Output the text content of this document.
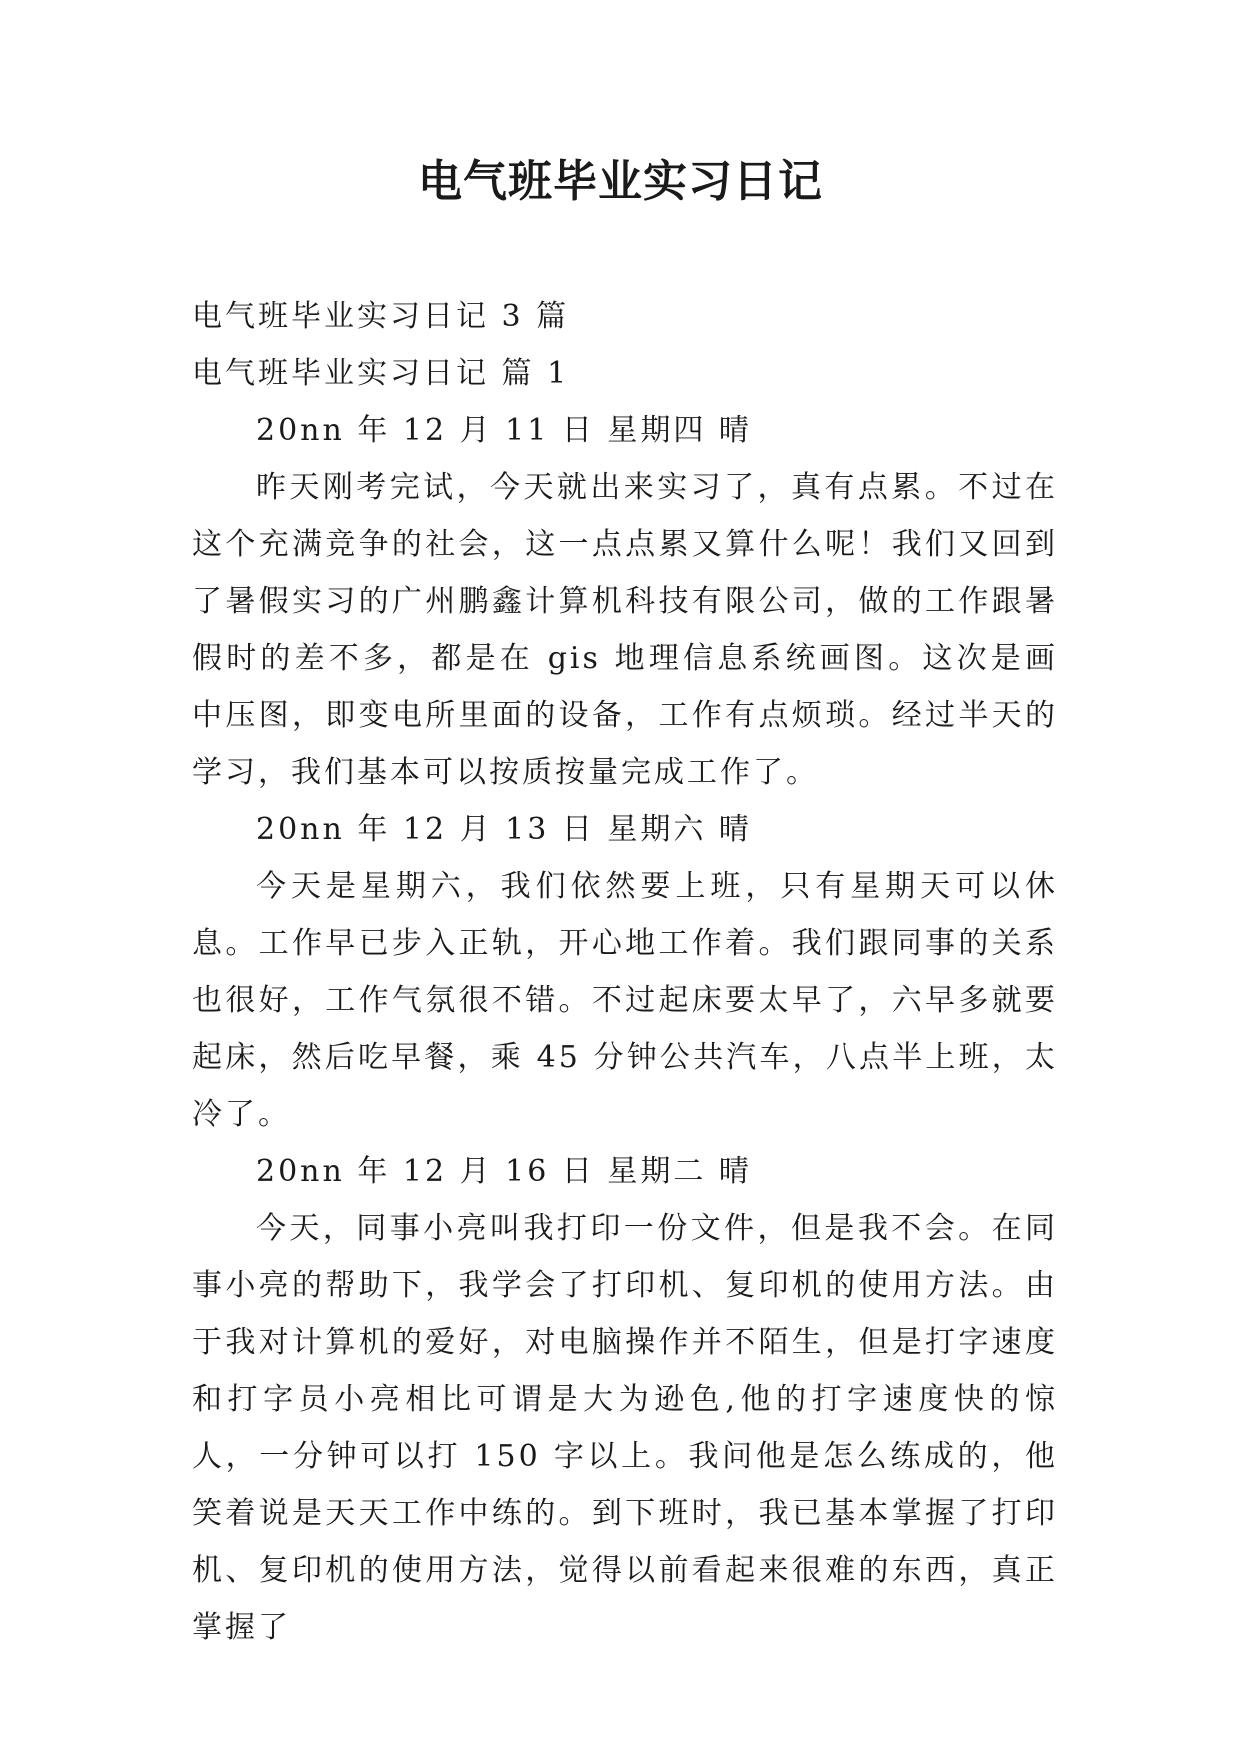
电气班毕业实习日记

电气班毕业实习日记 3 篇

电气班毕业实习日记 篇 1

20nn 年 12 月 11 日 星期四 晴

昨天刚考完试，今天就出来实习了，真有点累。不过在这个充满竞争的社会，这一点点累又算什么呢！我们又回到了暑假实习的广州鹏鑫计算机科技有限公司，做的工作跟暑假时的差不多，都是在 gis 地理信息系统画图。这次是画中压图，即变电所里面的设备，工作有点烦琐。经过半天的学习，我们基本可以按质按量完成工作了。

20nn 年 12 月 13 日 星期六 晴

今天是星期六，我们依然要上班，只有星期天可以休息。工作早已步入正轨，开心地工作着。我们跟同事的关系也很好，工作气氛很不错。不过起床要太早了，六早多就要起床，然后吃早餐，乘 45 分钟公共汽车，八点半上班，太冷了。

20nn 年 12 月 16 日 星期二 晴

今天，同事小亮叫我打印一份文件，但是我不会。在同事小亮的帮助下，我学会了打印机、复印机的使用方法。由于我对计算机的爱好，对电脑操作并不陌生，但是打字速度和打字员小亮相比可谓是大为逊色,他的打字速度快的惊人，一分钟可以打 150 字以上。我问他是怎么练成的，他笑着说是天天工作中练的。到下班时，我已基本掌握了打印机、复印机的使用方法，觉得以前看起来很难的东西，真正掌握了
